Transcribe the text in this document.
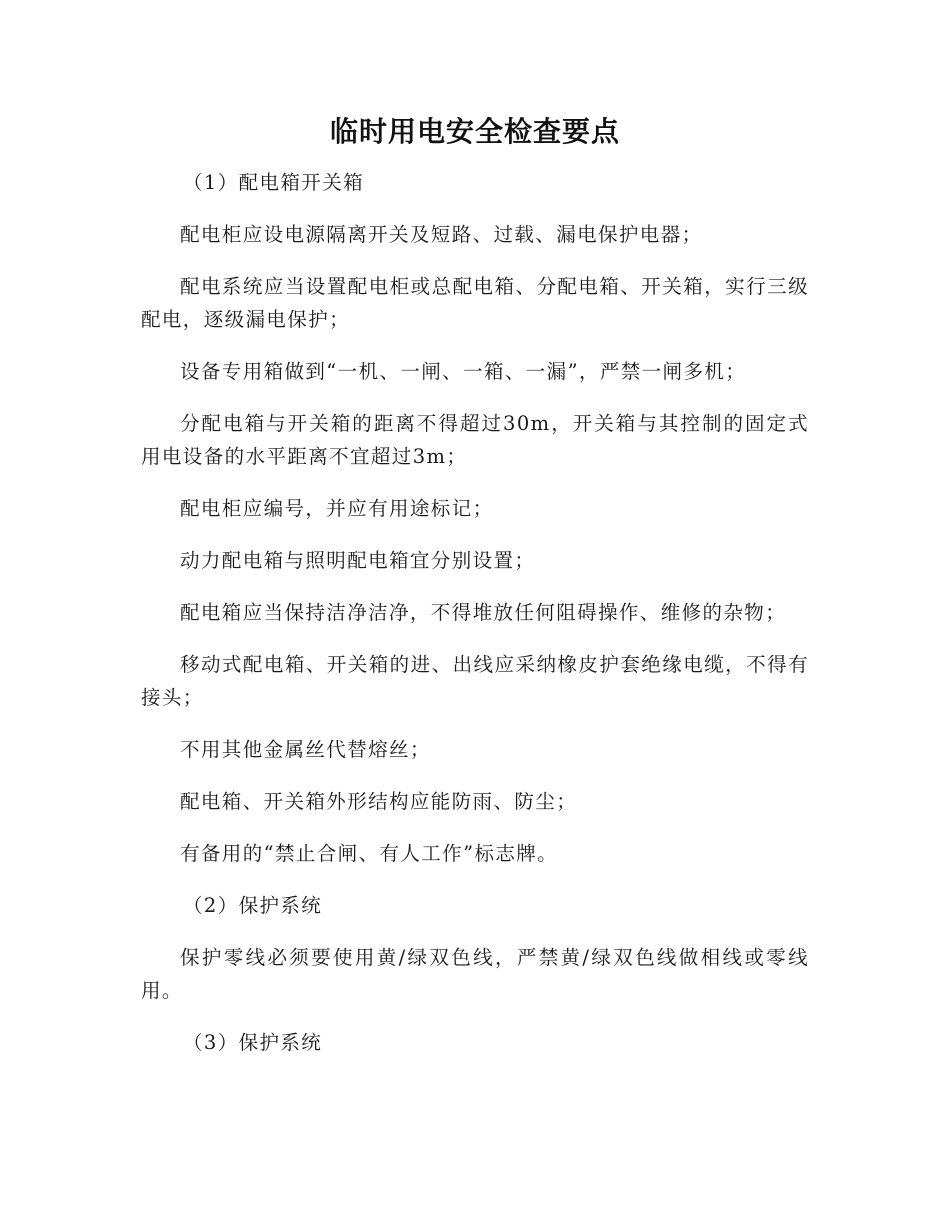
临时用电安全检查要点
（1）配电箱开关箱

配电柜应设电源隔离开关及短路、过载、漏电保护电器；

配电系统应当设置配电柜或总配电箱、分配电箱、开关箱，实行三级配电，逐级漏电保护；

设备专用箱做到“一机、一闸、一箱、一漏”，严禁一闸多机；

分配电箱与开关箱的距离不得超过30m，开关箱与其控制的固定式用电设备的水平距离不宜超过3m；

配电柜应编号，并应有用途标记；

动力配电箱与照明配电箱宜分别设置；

配电箱应当保持洁净洁净，不得堆放任何阻碍操作、维修的杂物；

移动式配电箱、开关箱的进、出线应采纳橡皮护套绝缘电缆，不得有接头；

不用其他金属丝代替熔丝；

配电箱、开关箱外形结构应能防雨、防尘；

有备用的“禁止合闸、有人工作”标志牌。

（2）保护系统

保护零线必须要使用黄/绿双色线，严禁黄/绿双色线做相线或零线用。

（3）保护系统
